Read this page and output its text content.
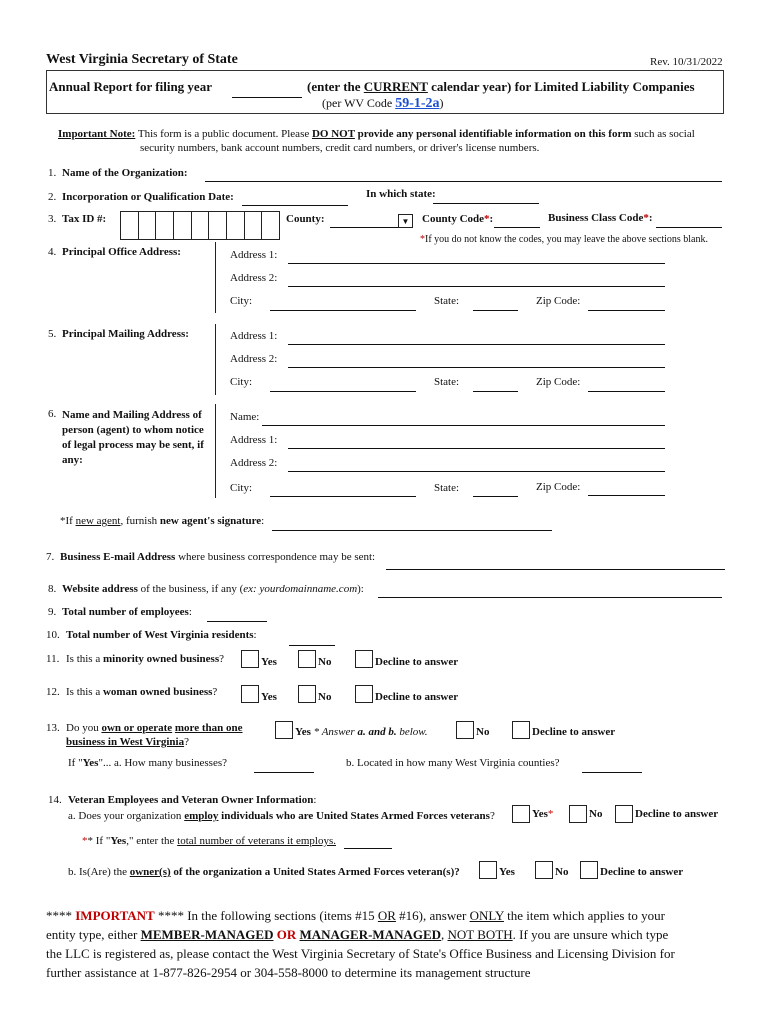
West Virginia Secretary of State	Rev. 10/31/2022
Annual Report for filing year	(enter the CURRENT calendar year) for Limited Liability Companies
(per WV Code 59-1-2a)
Important Note: This form is a public document. Please DO NOT provide any personal identifiable information on this form such as social
security numbers, bank account numbers, credit card numbers, or driver's license numbers.
1. Name of the Organization:
2. Incorporation or Qualification Date:	In which state:
3. Tax ID #:	County:	▼ County Code*:	Business Class Code*:
*If you do not know the codes, you may leave the above sections blank.
4. Principal Office Address:	Address 1:
Address 2:
City:	State:	Zip Code:
5. Principal Mailing Address:	Address 1:
Address 2:
City:	State:	Zip Code:
6. Name and Mailing Address of
person (agent) to whom notice
of legal process may be sent, if
any:
Name:
Address 1:
Address 2:
City:	State:	Zip Code:
*If new agent, furnish new agent's signature:
7. Business E-mail Address where business correspondence may be sent:
8. Website address of the business, if any (ex: yourdomainname.com):
9. Total number of employees:
10. Total number of West Virginia residents:
11. Is this a minority owned business?	Yes	No	Decline to answer
12. Is this a woman owned business?	Yes	No	Decline to answer
13. Do you own or operate more than one
business in West Virginia?
Yes * Answer a. and b. below.	No	Decline to answer
If "Yes"... a. How many businesses?	b. Located in how many West Virginia counties?
14. Veteran Employees and Veteran Owner Information:
a. Does your organization employ individuals who are United States Armed Forces veterans?	Yes*	No	Decline to answer
** If "Yes," enter the total number of veterans it employs.
b. Is(Are) the owner(s) of the organization a United States Armed Forces veteran(s)?	Yes	No	Decline to answer
**** IMPORTANT **** In the following sections (items #15 OR #16), answer ONLY the item which applies to your
entity type, either MEMBER-MANAGED OR MANAGER-MANAGED, NOT BOTH. If you are unsure which type
the LLC is registered as, please contact the West Virginia Secretary of State's Office Business and Licensing Division for
further assistance at 1-877-826-2954 or 304-558-8000 to determine its management structure
